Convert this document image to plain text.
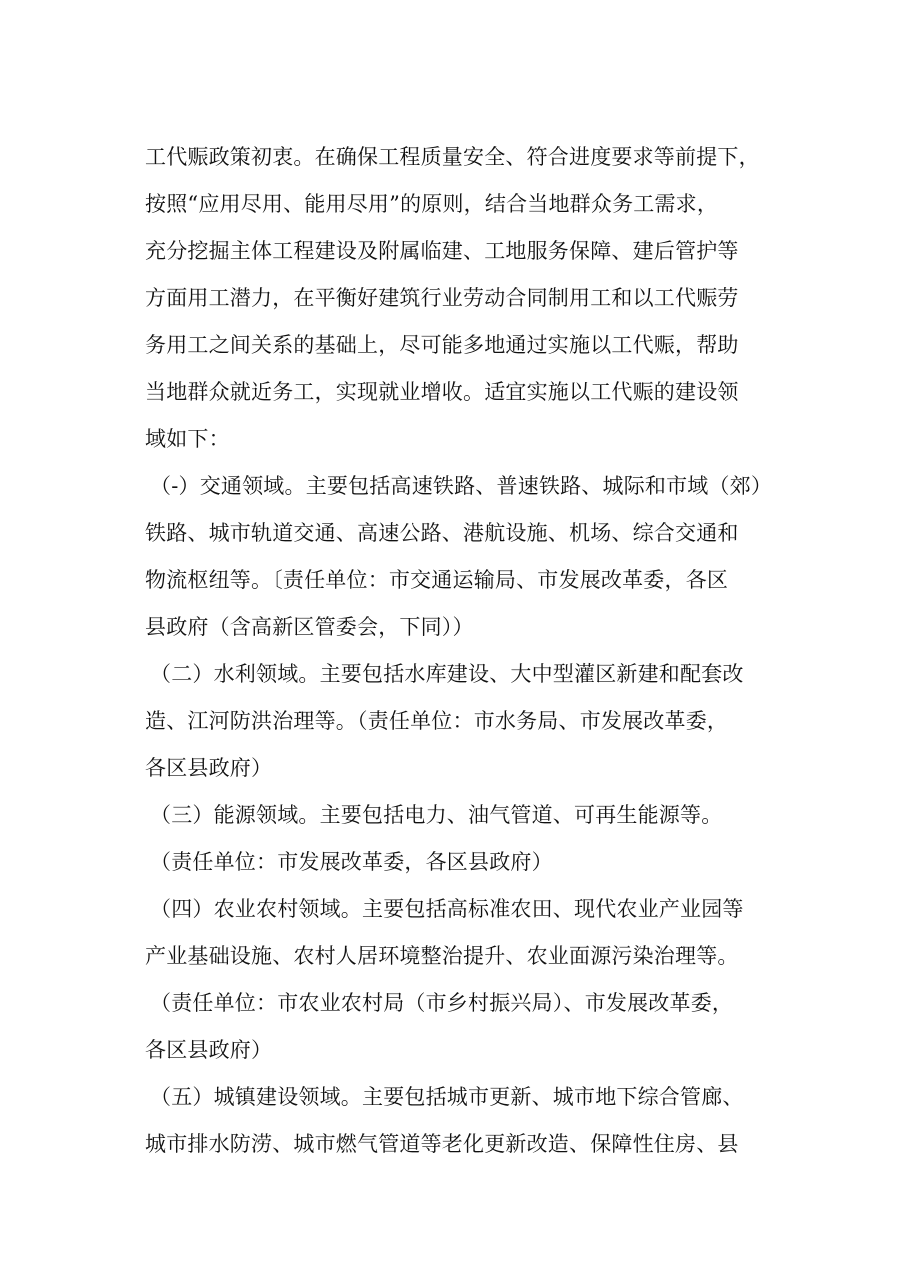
工代赈政策初衷。在确保工程质量安全、符合进度要求等前提下，
按照“应用尽用、能用尽用”的原则，结合当地群众务工需求，
充分挖掘主体工程建设及附属临建、工地服务保障、建后管护等
方面用工潜力，在平衡好建筑行业劳动合同制用工和以工代赈劳
务用工之间关系的基础上，尽可能多地通过实施以工代赈，帮助
当地群众就近务工，实现就业增收。适宜实施以工代赈的建设领
域如下：
（-）交通领域。主要包括高速铁路、普速铁路、城际和市域（郊）
铁路、城市轨道交通、高速公路、港航设施、机场、综合交通和
物流枢纽等。〔责任单位：市交通运输局、市发展改革委，各区
县政府（含高新区管委会，下同））
（二）水利领域。主要包括水库建设、大中型灌区新建和配套改
造、江河防洪治理等。（责任单位：市水务局、市发展改革委，
各区县政府）
（三）能源领域。主要包括电力、油气管道、可再生能源等。
（责任单位：市发展改革委，各区县政府）
（四）农业农村领域。主要包括高标准农田、现代农业产业园等
产业基础设施、农村人居环境整治提升、农业面源污染治理等。
（责任单位：市农业农村局（市乡村振兴局）、市发展改革委，
各区县政府）
（五）城镇建设领域。主要包括城市更新、城市地下综合管廊、
城市排水防涝、城市燃气管道等老化更新改造、保障性住房、县
